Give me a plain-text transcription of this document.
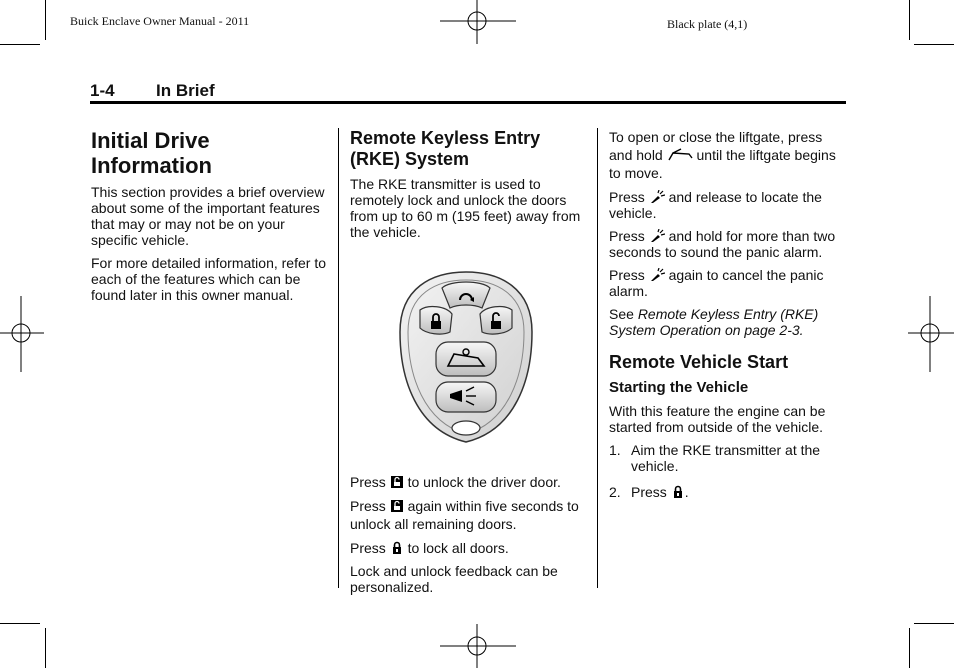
Buick Enclave Owner Manual - 2011	Black plate (4,1)
1-4 In Brief
Initial Drive Information

This section provides a brief overview about some of the important features that may or may not be on your specific vehicle.

For more detailed information, refer to each of the features which can be found later in this owner manual.

Remote Keyless Entry (RKE) System

The RKE transmitter is used to remotely lock and unlock the doors from up to 60 m (195 feet) away from the vehicle.

Press to unlock the driver door.

Press again within five seconds to unlock all remaining doors.

Press to lock all doors.

Lock and unlock feedback can be personalized.

To open or close the liftgate, press and hold until the liftgate begins to move.

Press and release to locate the vehicle.

Press and hold for more than two seconds to sound the panic alarm.

Press again to cancel the panic alarm.

See Remote Keyless Entry (RKE) System Operation on page 2-3.

Remote Vehicle Start
Starting the Vehicle

With this feature the engine can be started from outside of the vehicle.

1. Aim the RKE transmitter at the vehicle.
2. Press .
